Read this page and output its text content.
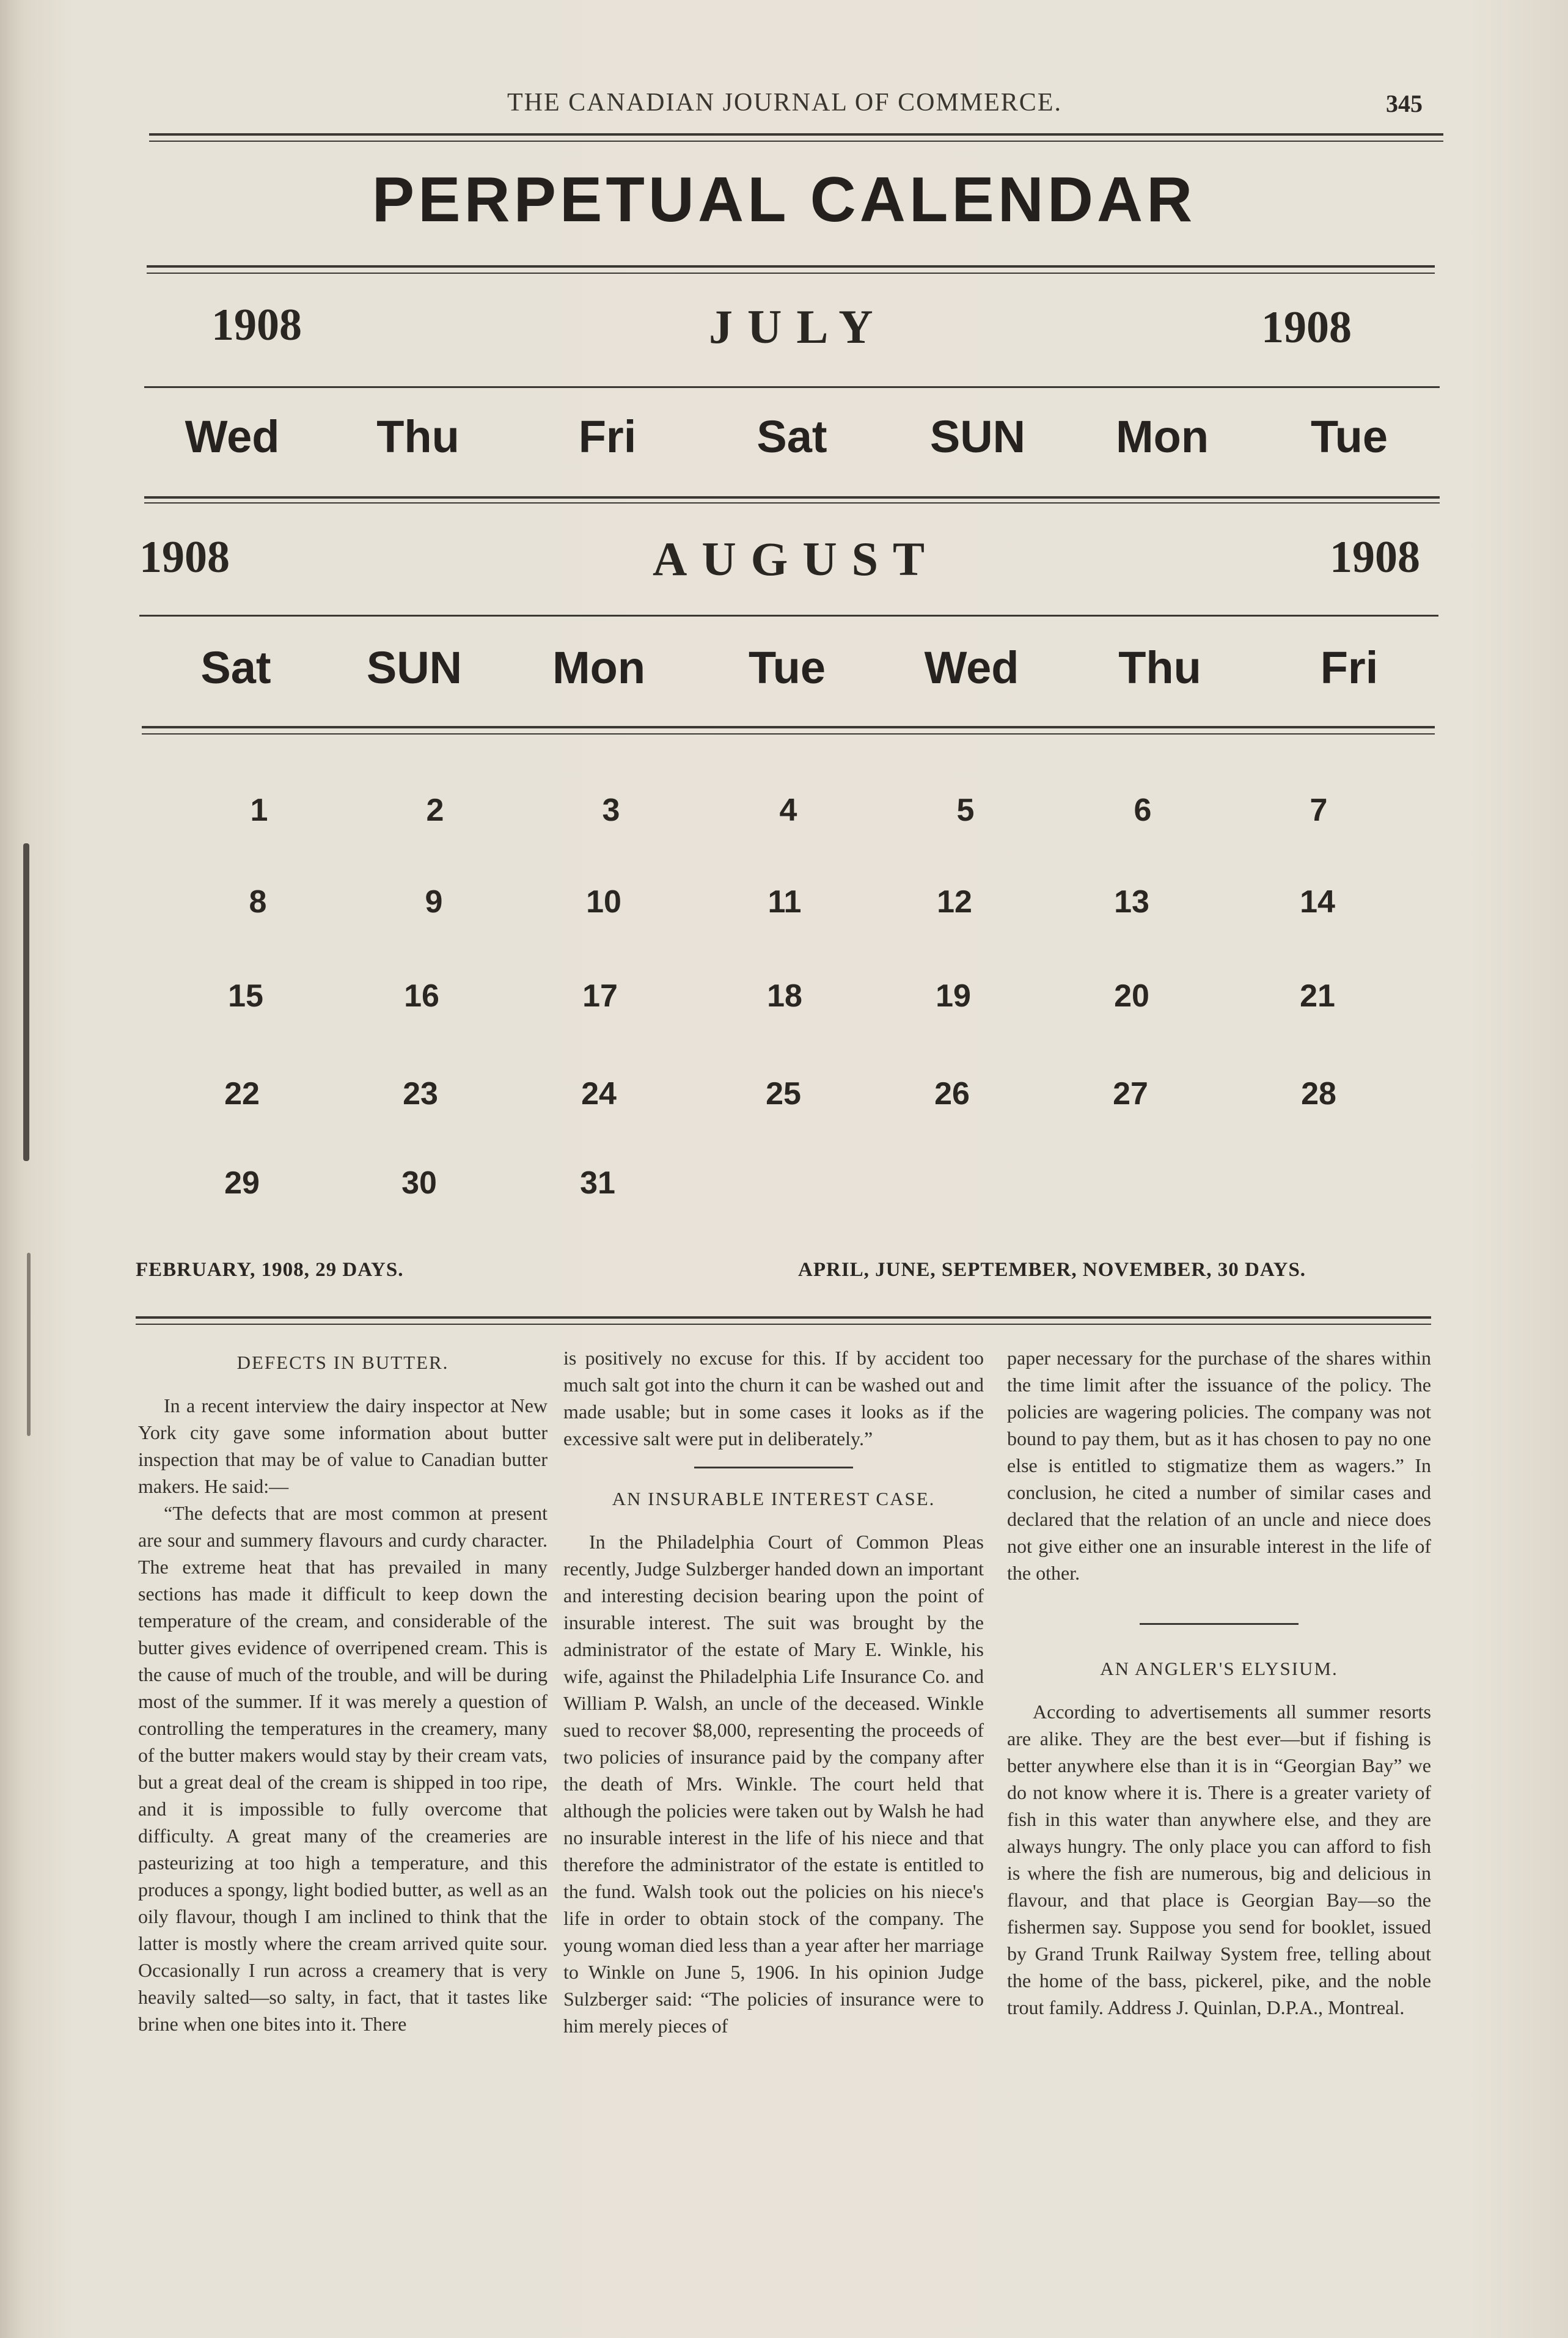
THE CANADIAN JOURNAL OF COMMERCE.	345
PERPETUAL CALENDAR
1908	JULY	1908
Wed	Thu	Fri	Sat	SUN	Mon	Tue
1908	AUGUST	1908
Sat	SUN	Mon	Tue	Wed	Thu	Fri
1	2	3	4	5	6	7
8	9	10	11	12	13	14
15	16	17	18	19	20	21
22	23	24	25	26	27	28
29	30	31
FEBRUARY, 1908, 29 DAYS.	APRIL, JUNE, SEPTEMBER, NOVEMBER, 30 DAYS.

DEFECTS IN BUTTER.

In a recent interview the dairy inspector at New York city gave some information about butter inspection that may be of value to Canadian butter makers. He said:—

“The defects that are most common at present are sour and summery flavours and curdy character. The extreme heat that has prevailed in many sections has made it difficult to keep down the temperature of the cream, and considerable of the butter gives evidence of overripened cream. This is the cause of much of the trouble, and will be during most of the summer. If it was merely a question of controlling the temperatures in the creamery, many of the butter makers would stay by their cream vats, but a great deal of the cream is shipped in too ripe, and it is impossible to fully overcome that difficulty. A great many of the creameries are pasteurizing at too high a temperature, and this produces a spongy, light bodied butter, as well as an oily flavour, though I am inclined to think that the latter is mostly where the cream arrived quite sour. Occasionally I run across a creamery that is very heavily salted—so salty, in fact, that it tastes like brine when one bites into it. There

is positively no excuse for this. If by accident too much salt got into the churn it can be washed out and made usable; but in some cases it looks as if the excessive salt were put in deliberately.”

AN INSURABLE INTEREST CASE.

In the Philadelphia Court of Common Pleas recently, Judge Sulzberger handed down an important and interesting decision bearing upon the point of insurable interest. The suit was brought by the administrator of the estate of Mary E. Winkle, his wife, against the Philadelphia Life Insurance Co. and William P. Walsh, an uncle of the deceased. Winkle sued to recover $8,000, representing the proceeds of two policies of insurance paid by the company after the death of Mrs. Winkle. The court held that although the policies were taken out by Walsh he had no insurable interest in the life of his niece and that therefore the administrator of the estate is entitled to the fund. Walsh took out the policies on his niece's life in order to obtain stock of the company. The young woman died less than a year after her marriage to Winkle on June 5, 1906. In his opinion Judge Sulzberger said: “The policies of insurance were to him merely pieces of

paper necessary for the purchase of the shares within the time limit after the issuance of the policy. The policies are wagering policies. The company was not bound to pay them, but as it has chosen to pay no one else is entitled to stigmatize them as wagers.” In conclusion, he cited a number of similar cases and declared that the relation of an uncle and niece does not give either one an insurable interest in the life of the other.

AN ANGLER'S ELYSIUM.

According to advertisements all summer resorts are alike. They are the best ever—but if fishing is better anywhere else than it is in “Georgian Bay” we do not know where it is. There is a greater variety of fish in this water than anywhere else, and they are always hungry. The only place you can afford to fish is where the fish are numerous, big and delicious in flavour, and that place is Georgian Bay—so the fishermen say. Suppose you send for booklet, issued by Grand Trunk Railway System free, telling about the home of the bass, pickerel, pike, and the noble trout family. Address J. Quinlan, D.P.A., Montreal.
